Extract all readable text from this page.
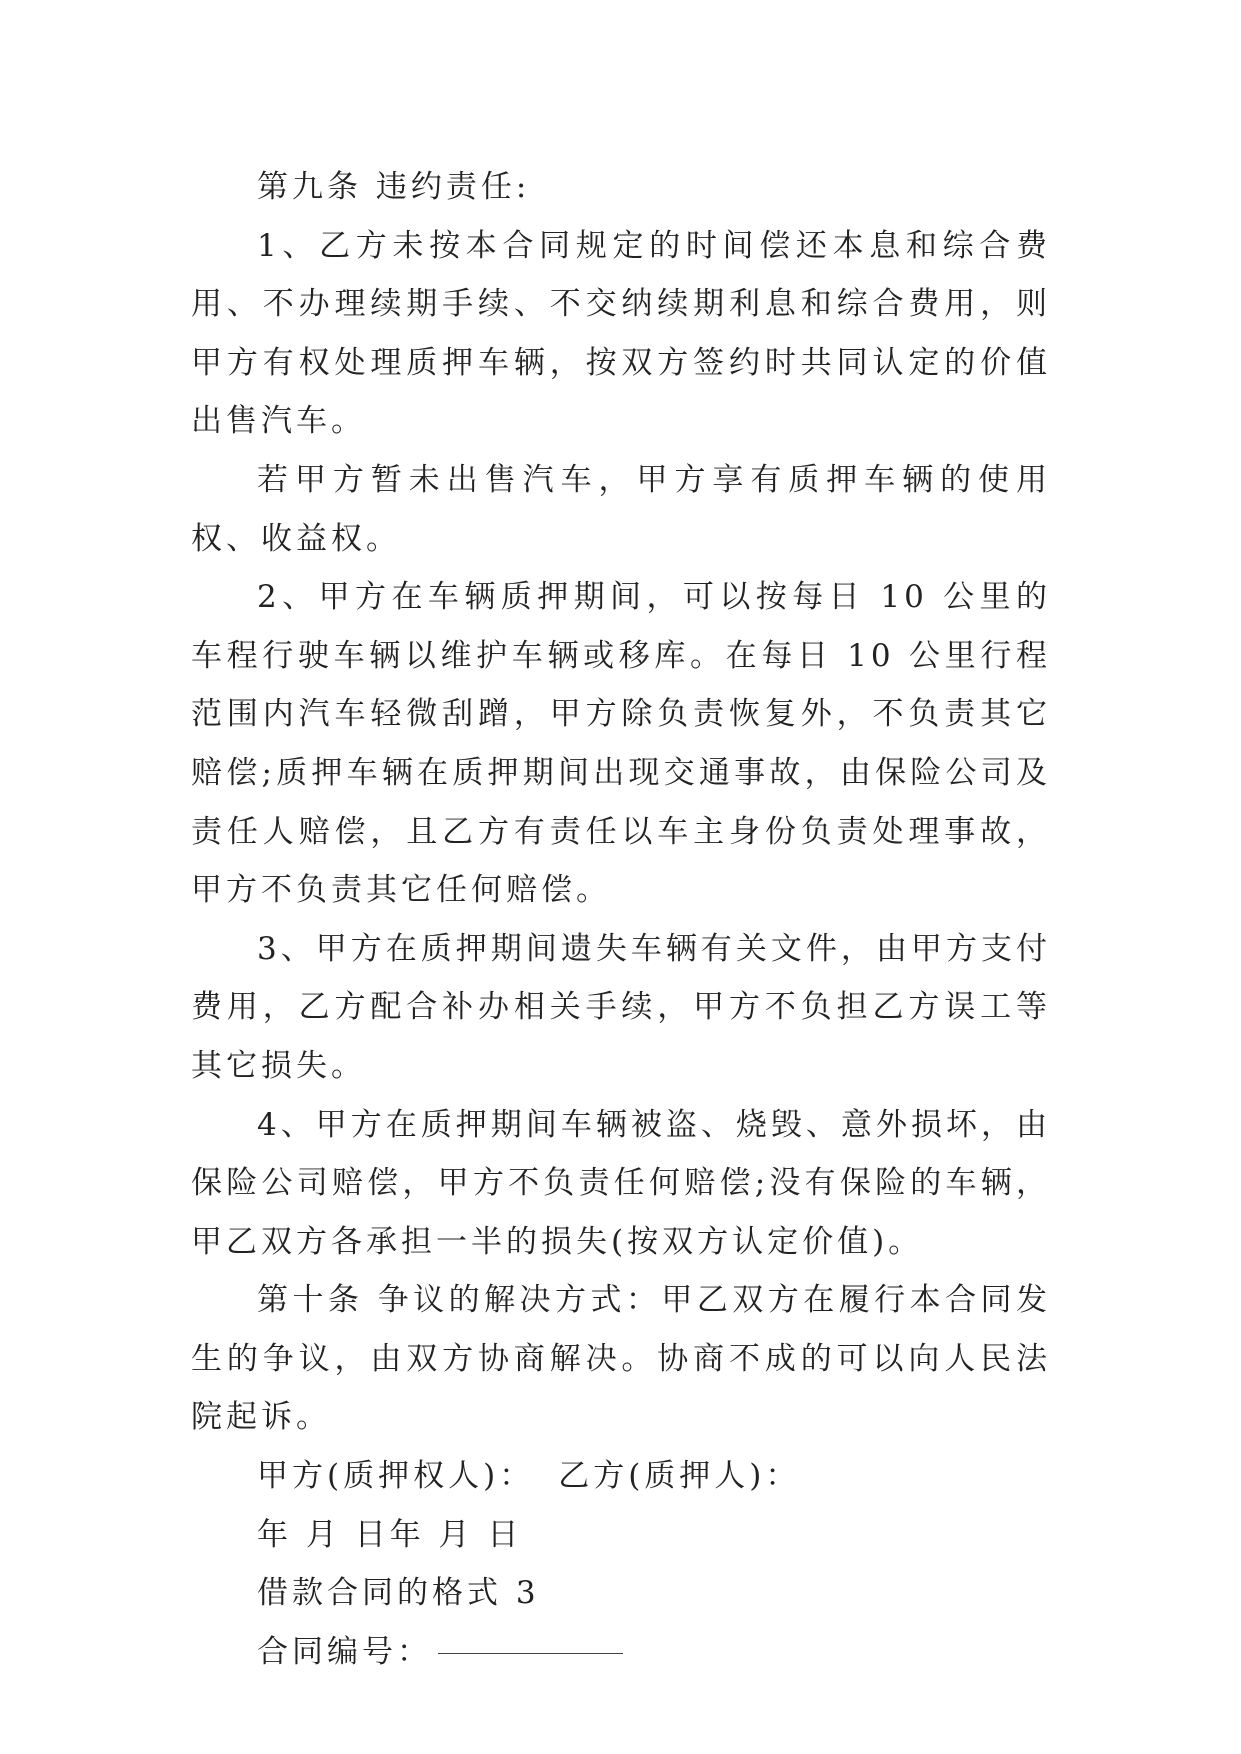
第九条 违约责任:

1、乙方未按本合同规定的时间偿还本息和综合费用、不办理续期手续、不交纳续期利息和综合费用，则甲方有权处理质押车辆，按双方签约时共同认定的价值出售汽车。

若甲方暂未出售汽车，甲方享有质押车辆的使用权、收益权。

2、甲方在车辆质押期间，可以按每日 10 公里的车程行驶车辆以维护车辆或移库。在每日 10 公里行程范围内汽车轻微刮蹭，甲方除负责恢复外，不负责其它赔偿;质押车辆在质押期间出现交通事故，由保险公司及责任人赔偿，且乙方有责任以车主身份负责处理事故，甲方不负责其它任何赔偿。

3、甲方在质押期间遗失车辆有关文件，由甲方支付费用，乙方配合补办相关手续，甲方不负担乙方误工等其它损失。

4、甲方在质押期间车辆被盗、烧毁、意外损坏，由保险公司赔偿，甲方不负责任何赔偿;没有保险的车辆，甲乙双方各承担一半的损失(按双方认定价值)。

第十条 争议的解决方式：甲乙双方在履行本合同发生的争议，由双方协商解决。协商不成的可以向人民法院起诉。

甲方(质押权人)： 乙方(质押人)：

年 月 日年 月 日

借款合同的格式 3

合同编号：
